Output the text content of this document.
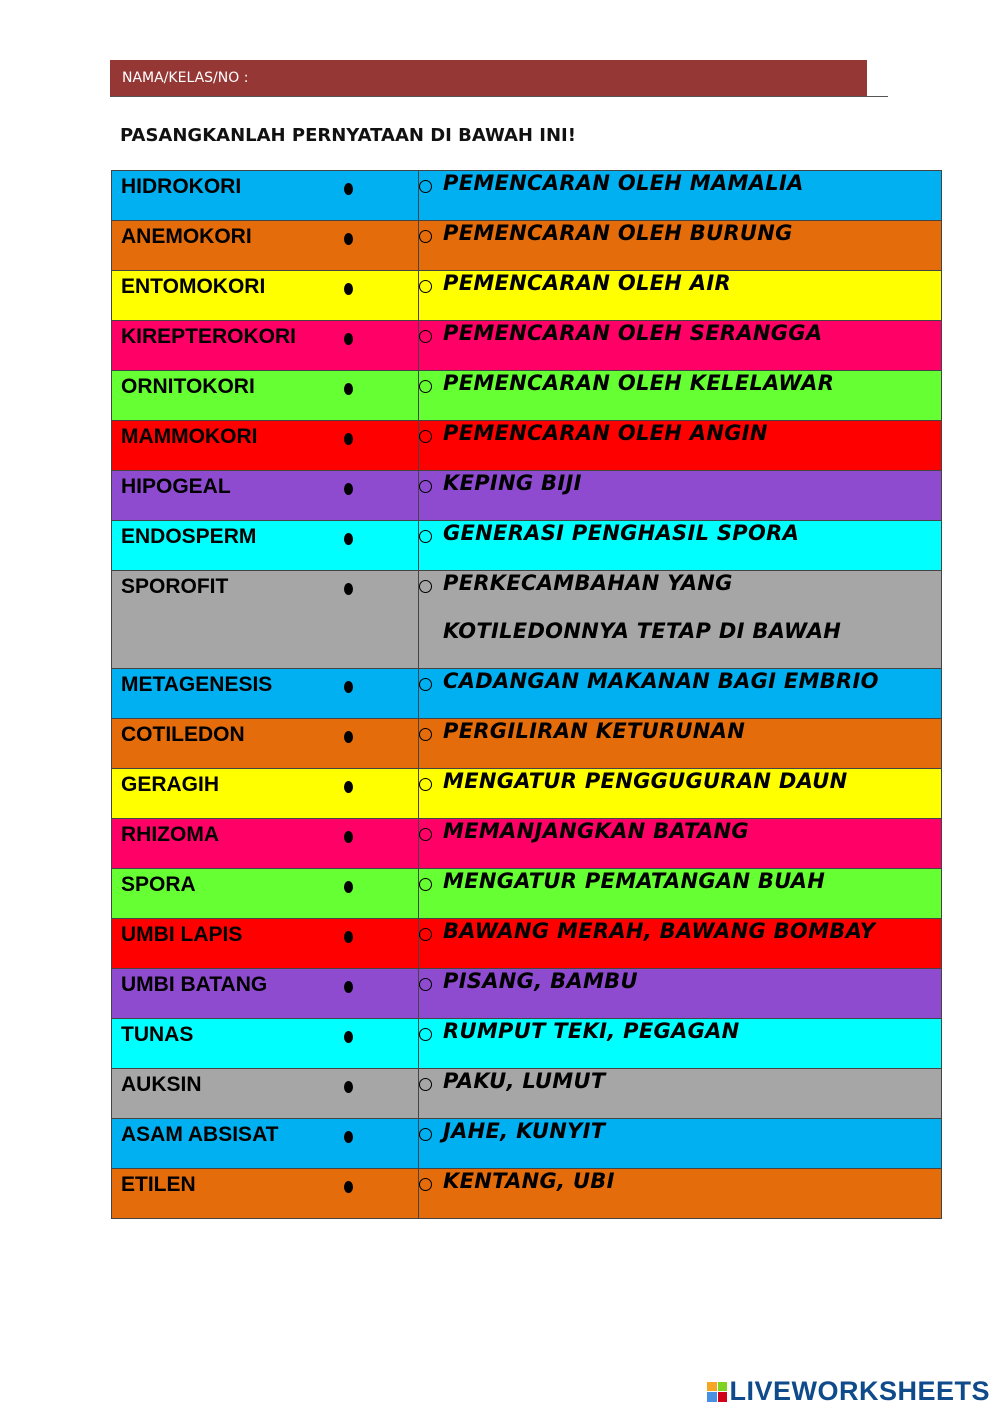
NAMA/KELAS/NO :
PASANGKANLAH PERNYATAAN DI BAWAH INI!
HIDROKORI	PEMENCARAN OLEH MAMALIA

ANEMOKORI	PEMENCARAN OLEH BURUNG

ENTOMOKORI	PEMENCARAN OLEH AIR

KIREPTEROKORI	PEMENCARAN OLEH SERANGGA

ORNITOKORI	PEMENCARAN OLEH KELELAWAR

MAMMOKORI	PEMENCARAN OLEH ANGIN

HIPOGEAL	KEPING BIJI

ENDOSPERM	GENERASI PENGHASIL SPORA

SPOROFIT	PERKECAMBAHAN YANG
KOTILEDONNYA TETAP DI BAWAH

METAGENESIS	CADANGAN MAKANAN BAGI EMBRIO

COTILEDON	PERGILIRAN KETURUNAN

GERAGIH	MENGATUR PENGGUGURAN DAUN

RHIZOMA	MEMANJANGKAN BATANG

SPORA	MENGATUR PEMATANGAN BUAH

UMBI LAPIS	BAWANG MERAH, BAWANG BOMBAY

UMBI BATANG	PISANG, BAMBU

TUNAS	RUMPUT TEKI, PEGAGAN

AUKSIN	PAKU, LUMUT

ASAM ABSISAT	JAHE, KUNYIT

ETILEN	KENTANG, UBI
LIVEWORKSHEETS
